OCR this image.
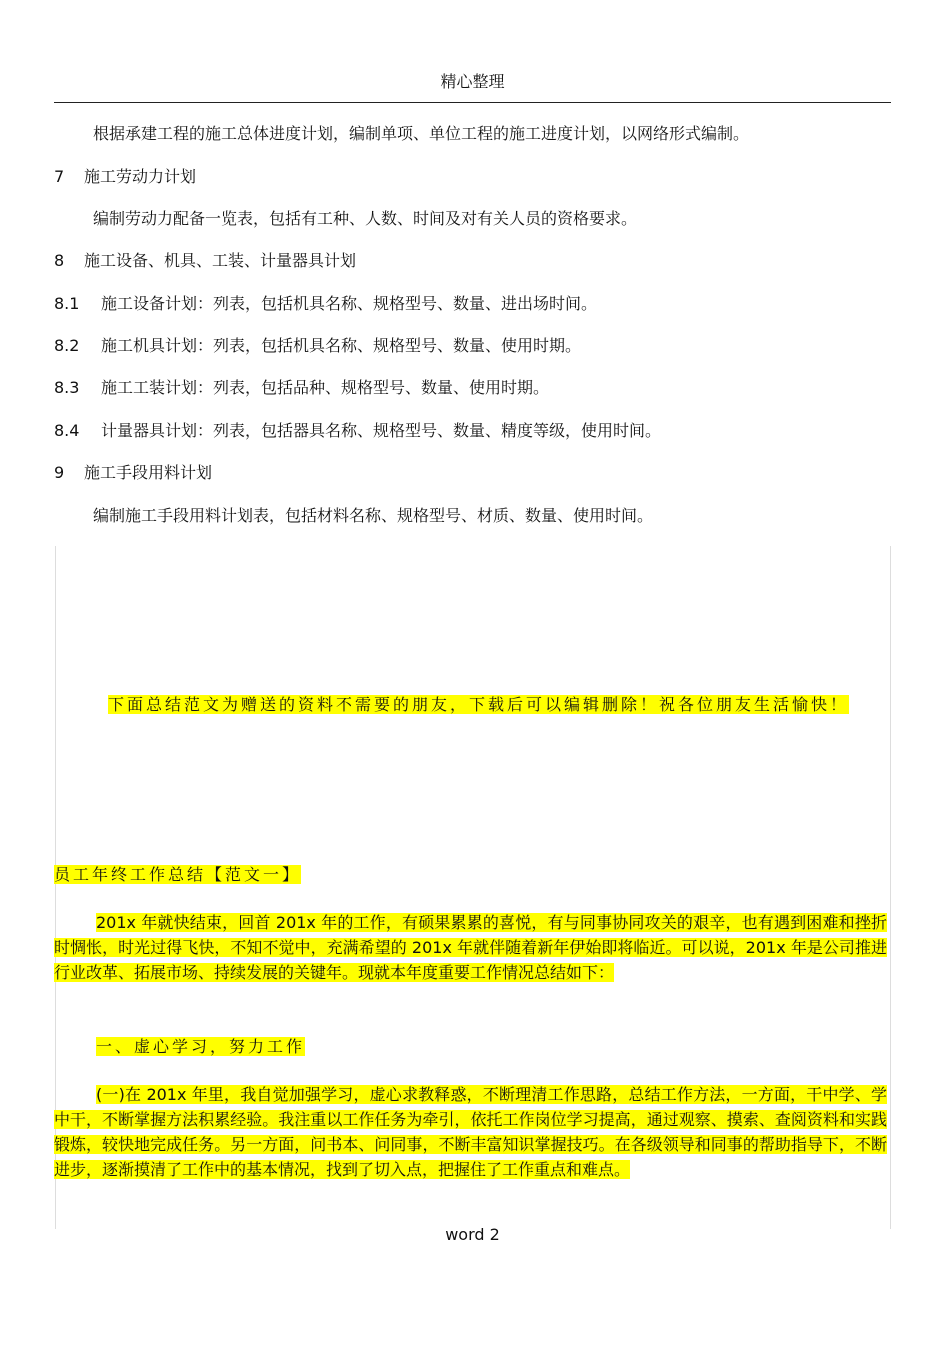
精心整理
根据承建工程的施工总体进度计划，编制单项、单位工程的施工进度计划，以网络形式编制。
7 施工劳动力计划
编制劳动力配备一览表，包括有工种、人数、时间及对有关人员的资格要求。
8 施工设备、机具、工装、计量器具计划
8.1 施工设备计划：列表，包括机具名称、规格型号、数量、进出场时间。
8.2 施工机具计划：列表，包括机具名称、规格型号、数量、使用时期。
8.3 施工工装计划：列表，包括品种、规格型号、数量、使用时期。
8.4 计量器具计划：列表，包括器具名称、规格型号、数量、精度等级，使用时间。
9 施工手段用料计划
编制施工手段用料计划表，包括材料名称、规格型号、材质、数量、使用时间。
下面总结范文为赠送的资料不需要的朋友，下载后可以编辑删除！祝各位朋友生活愉快！
员工年终工作总结【范文一】
201x 年就快结束，回首 201x 年的工作，有硕果累累的喜悦，有与同事协同攻关的艰辛，也有遇到困难和挫折时惆怅，时光过得飞快，不知不觉中，充满希望的 201x 年就伴随着新年伊始即将临近。可以说，201x 年是公司推进行业改革、拓展市场、持续发展的关键年。现就本年度重要工作情况总结如下：
一、虚心学习，努力工作
(一)在 201x 年里，我自觉加强学习，虚心求教释惑，不断理清工作思路，总结工作方法，一方面，干中学、学中干，不断掌握方法积累经验。我注重以工作任务为牵引，依托工作岗位学习提高，通过观察、摸索、查阅资料和实践锻炼，较快地完成任务。另一方面，问书本、问同事，不断丰富知识掌握技巧。在各级领导和同事的帮助指导下，不断进步，逐渐摸清了工作中的基本情况，找到了切入点，把握住了工作重点和难点。
word 2
